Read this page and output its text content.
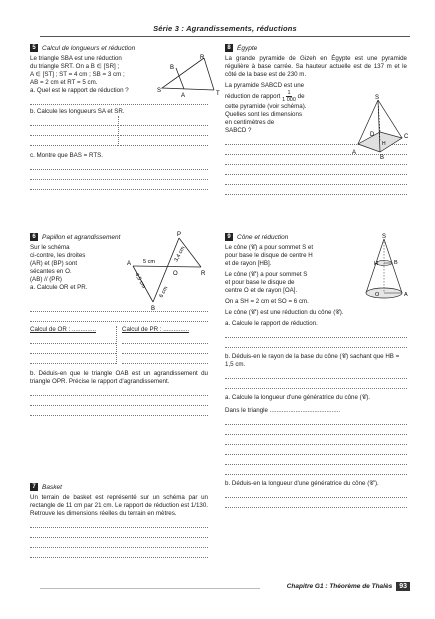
Série 3 : Agrandissements, réductions
5 Calcul de longueurs et réduction
Le triangle SBA est une réduction
du triangle SRT. On a B ∈ [SR] ;
A ∈ [ST] ; ST = 4 cm ; SB = 3 cm ;
AB = 2 cm et RT = 5 cm.
a. Quel est le rapport de réduction ?
b. Calcule les longueurs SA et SR.
c. Montre que BAS = RTS.
R
B
S
A	T
6 Papillon et agrandissement
Sur le schéma
ci-contre, les droites
(AR) et (BP) sont
sécantes en O.
(AB) // (PR)
a. Calcule OR et PR.
Calcul de OR : ..............	Calcul de PR : ...............
b. Déduis-en que le triangle OAB est un agrandissement du triangle OPR. Précise le rapport d'agrandissement.
A
P
O	R
B
5 cm	3,4 cm
6 cm
4,5 cm
7 Basket
Un terrain de basket est représenté sur un schéma par un rectangle de 11 cm par 21 cm. Le rapport de réduction est 1/130. Retrouve les dimensions réelles du terrain en mètres.
8 Égypte
La grande pyramide de Gizeh en Égypte est une pyramide régulière à base carrée. Sa hauteur actuelle est de 137 m et le côté de la base est de 230 m.
La pyramide SABCD est une
réduction de rapport $\frac{1}{1 000}$ de
cette pyramide (voir schéma).
Quelles sont les dimensions
en centimètres de
SABCD ?
S
D	C
A
B
H
9 Cône et réduction
Le cône (𝒞) a pour sommet S et
pour base le disque de centre H
et de rayon [HB].
Le cône (𝒞') a pour sommet S
et pour base le disque de
centre O et de rayon [OA].
On a SH = 2 cm et SO = 6 cm.
Le cône (𝒞') est une réduction du cône (𝒞).
a. Calcule le rapport de réduction.
b. Déduis-en le rayon de la base du cône (𝒞) sachant que HB = 1,5 cm.
a. Calcule la longueur d'une génératrice du cône (𝒞).
Dans le triangle .........................................
b. Déduis-en la longueur d'une génératrice du cône (𝒞').
S
H	B
O	A
Chapitre G1 : Théorème de Thalès	93
